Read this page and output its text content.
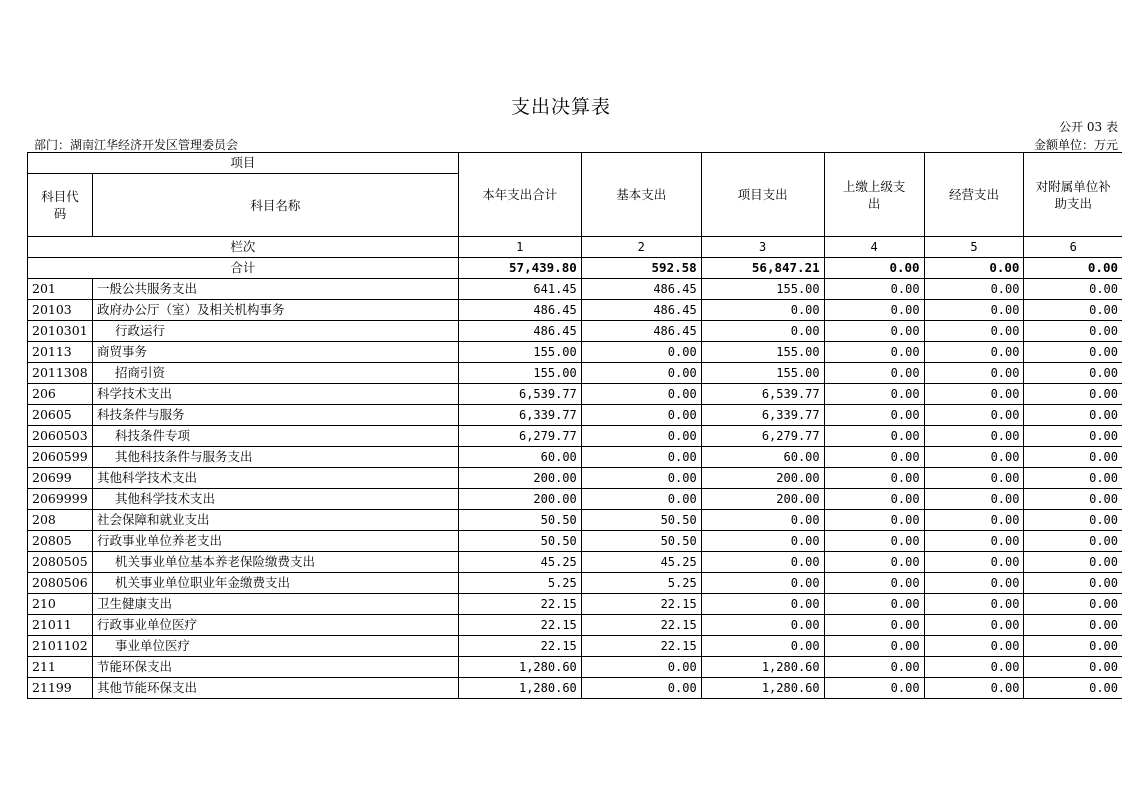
支出决算表
公开 03 表
部门：湖南江华经济开发区管理委员会	金额单位：万元
项目		本年支出合计	基本支出	项目支出	上缴上级支出	经营支出	对附属单位补助支出
科目代码	科目名称						
栏次		1	2	3	4	5	6
合计		57,439.80	592.58	56,847.21	0.00	0.00	0.00
201	一般公共服务支出	641.45	486.45	155.00	0.00	0.00	0.00
20103	政府办公厅（室）及相关机构事务	486.45	486.45	0.00	0.00	0.00	0.00
2010301	行政运行	486.45	486.45	0.00	0.00	0.00	0.00
20113	商贸事务	155.00	0.00	155.00	0.00	0.00	0.00
2011308	招商引资	155.00	0.00	155.00	0.00	0.00	0.00
206	科学技术支出	6,539.77	0.00	6,539.77	0.00	0.00	0.00
20605	科技条件与服务	6,339.77	0.00	6,339.77	0.00	0.00	0.00
2060503	科技条件专项	6,279.77	0.00	6,279.77	0.00	0.00	0.00
2060599	其他科技条件与服务支出	60.00	0.00	60.00	0.00	0.00	0.00
20699	其他科学技术支出	200.00	0.00	200.00	0.00	0.00	0.00
2069999	其他科学技术支出	200.00	0.00	200.00	0.00	0.00	0.00
208	社会保障和就业支出	50.50	50.50	0.00	0.00	0.00	0.00
20805	行政事业单位养老支出	50.50	50.50	0.00	0.00	0.00	0.00
2080505	机关事业单位基本养老保险缴费支出	45.25	45.25	0.00	0.00	0.00	0.00
2080506	机关事业单位职业年金缴费支出	5.25	5.25	0.00	0.00	0.00	0.00
210	卫生健康支出	22.15	22.15	0.00	0.00	0.00	0.00
21011	行政事业单位医疗	22.15	22.15	0.00	0.00	0.00	0.00
2101102	事业单位医疗	22.15	22.15	0.00	0.00	0.00	0.00
211	节能环保支出	1,280.60	0.00	1,280.60	0.00	0.00	0.00
21199	其他节能环保支出	1,280.60	0.00	1,280.60	0.00	0.00	0.00
